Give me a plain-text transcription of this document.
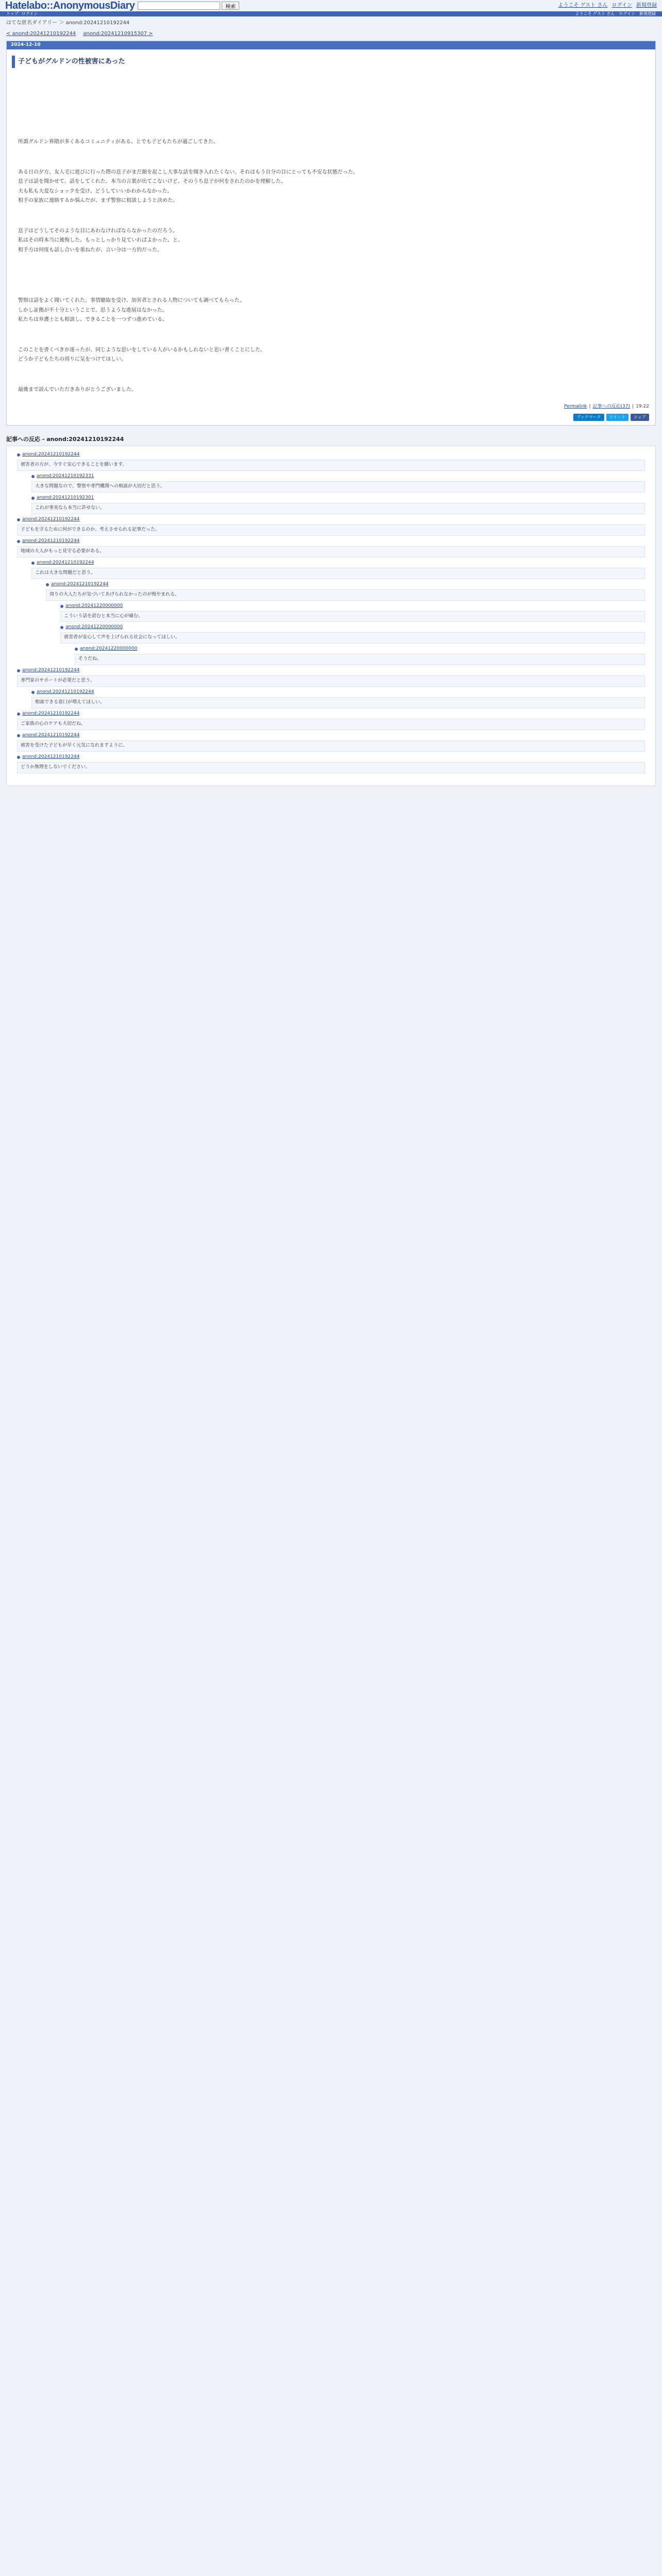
Hatelabo::AnonymousDiary	検索	ようこそ ゲスト さん ログイン 新規登録
トップ ログイン	ようこそ ゲスト さん ログイン 新規登録
はてな匿名ダイアリー ＞ anond:20241210192244
< anond:20241210192244 anond:20241210915307 >
2024-12-10
子どもがグルドンの性被害にあった

所謂グルドン界隈が多くあるコミュニティがある。とでも子どもたちが過ごしてきた。

ある日の夕方、友人宅に遊びに行った際の息子がまだ顔を起こし大事な話を聞き入れたくない。それはもう自分の目にとっても不安な状態だった。

息子は話を聞かせて、話をしてくれた。本当の言葉が出てこないけど、そのうち息子が何をされたのかを理解した。

夫も私も大変なショックを受け、どうしていいかわからなかった。

相手の家族に連絡するか悩んだが、まず警察に相談しようと決めた。

息子はどうしてそのような目にあわなければならなかったのだろう。

私はその時本当に後悔した。もっとしっかり見ていればよかった、と。

相手方は何度も話し合いを重ねたが、言い分は一方的だった。

警察は話をよく聞いてくれた。事情聴取を受け、加害者とされる人物についても調べてもらった。

しかし証拠が不十分ということで、思うような進展はなかった。

私たちは弁護士とも相談し、できることを一つずつ進めている。

このことを書くべきか迷ったが、同じような思いをしている人がいるかもしれないと思い書くことにした。

どうか子どもたちの周りに気をつけてほしい。

最後まで読んでいただきありがとうございました。

Permalink | 記事への反応(37) | 19:22
ブックマーク	ツイート	シェア
記事への反応 - anond:20241210192244
anond:20241210192244

被害者の方が、今すぐ安心できることを願います。

anond:20241210192331

大きな問題なので、警察や専門機関への相談が大切だと思う。

anond:20241210192301

これが事実なら本当に許せない。

anond:20241210192244

子どもを守るために何ができるのか、考えさせられる記事だった。

anond:20241210192244

地域の大人がもっと見守る必要がある。

anond:20241210192244

これは大きな問題だと思う。

anond:20241210192244

周りの大人たちが気づいてあげられなかったのが悔やまれる。

anond:20241220000000

こういう話を読むと本当に心が痛む。

anond:20241220000000

被害者が安心して声を上げられる社会になってほしい。

anond:20241220000000

そうだね。

anond:20241210192244

専門家のサポートが必要だと思う。

anond:20241210192244

相談できる窓口が増えてほしい。

anond:20241210192244

ご家族の心のケアも大切だね。

anond:20241210192244

被害を受けた子どもが早く元気になれますように。

anond:20241210192244

どうか無理をしないでください。
